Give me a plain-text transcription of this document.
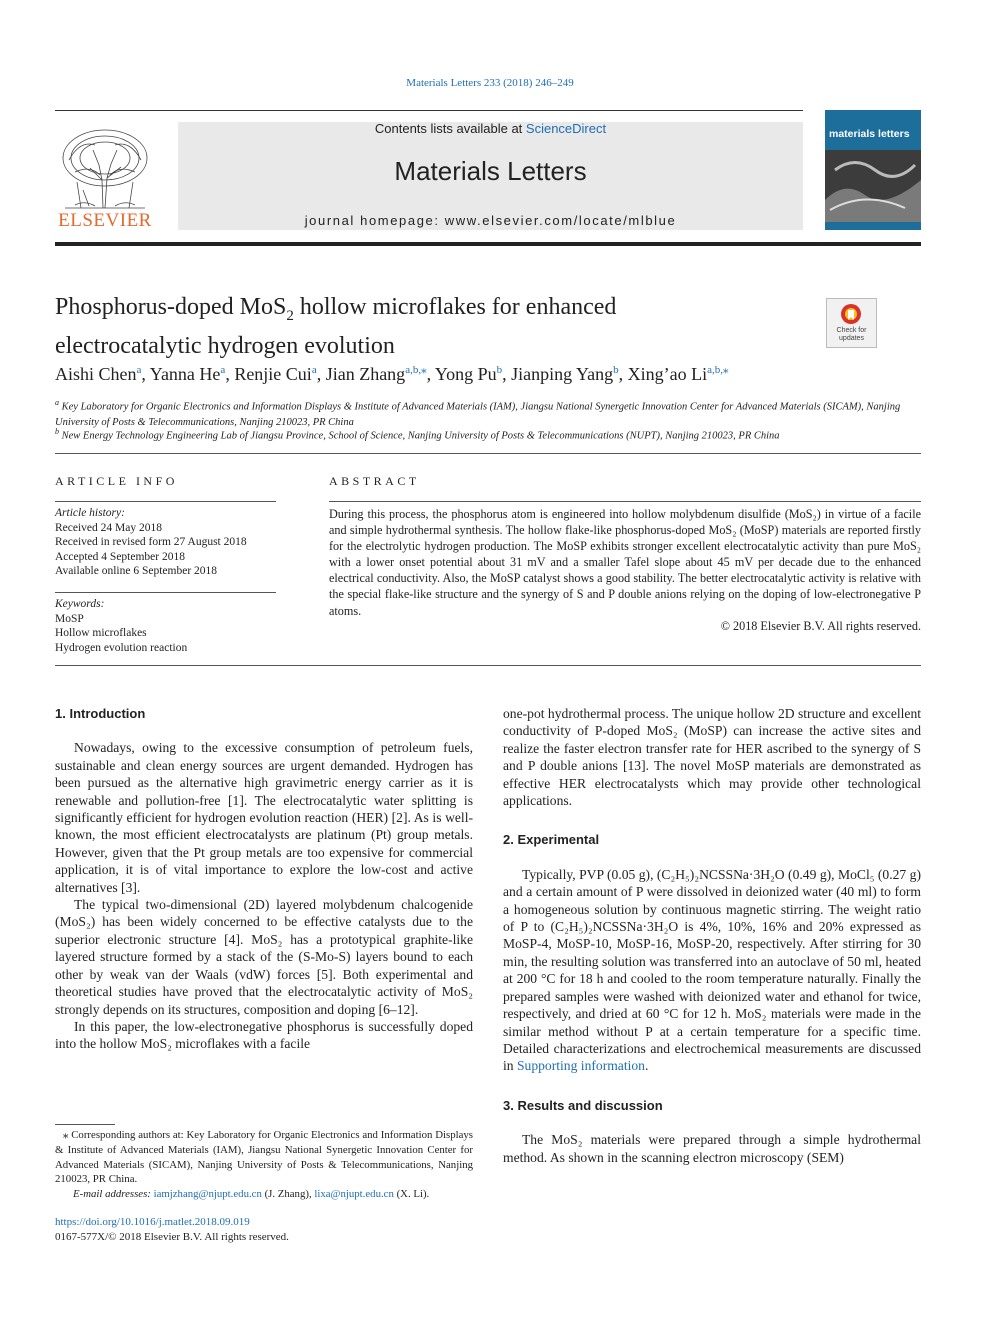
Materials Letters 233 (2018) 246–249
Contents lists available at ScienceDirect
Materials Letters
journal homepage: www.elsevier.com/locate/mlblue
ELSEVIER
materials letters
Phosphorus-doped MoS$_2$ hollow microflakes for enhanced
electrocatalytic hydrogen evolution
Check for updates
Aishi Chen$^a$, Yanna He$^a$, Renjie Cui$^a$, Jian Zhang$^{a,b,⁎}$, Yong Pu$^b$, Jianping Yang$^b$, Xing’ao $Li^{a,b,⁎}$
$^a$ Key Laboratory for Organic Electronics and Information Displays & Institute of Advanced Materials (IAM), Jiangsu National Synergetic Innovation Center for Advanced Materials (SICAM), Nanjing University of Posts & Telecommunications, Nanjing 210023, PR China
$^b$ New Energy Technology Engineering Lab of Jiangsu Province, School of Science, Nanjing University of Posts & Telecommunications (NUPT), Nanjing 210023, PR China
ARTICLE INFO
Article history:
Received 24 May 2018
Received in revised form 27 August 2018
Accepted 4 September 2018
Available online 6 September 2018
Keywords:
MoSP
Hollow microflakes
Hydrogen evolution reaction
ABSTRACT
During this process, the phosphorus atom is engineered into hollow molybdenum disulfide (MoS₂) in virtue of a facile and simple hydrothermal synthesis. The hollow flake-like phosphorus-doped MoS₂ (MoSP) materials are reported firstly for the electrolytic hydrogen production. The MoSP exhibits stronger excellent electrocatalytic activity than pure MoS₂ with a lower onset potential about 31 mV and a smaller Tafel slope about 45 mV per decade due to the enhanced electrical conductivity. Also, the MoSP catalyst shows a good stability. The better electrocatalytic activity is relative with the special flake-like structure and the synergy of S and P double anions relying on the doping of low-electronegative P atoms.
© 2018 Elsevier B.V. All rights reserved.
1. Introduction

Nowadays, owing to the excessive consumption of petroleum fuels, sustainable and clean energy sources are urgent demanded. Hydrogen has been pursued as the alternative high gravimetric energy carrier as it is renewable and pollution-free [1]. The electrocatalytic water splitting is significantly efficient for hydrogen evolution reaction (HER) [2]. As is well-known, the most efficient electrocatalysts are platinum (Pt) group metals. However, given that the Pt group metals are too expensive for commercial application, it is of vital importance to explore the low-cost and active alternatives [3].

The typical two-dimensional (2D) layered molybdenum chalcogenide (MoS₂) has been widely concerned to be effective catalysts due to the superior electronic structure [4]. MoS₂ has a prototypical graphite-like layered structure formed by a stack of the (S-Mo-S) layers bound to each other by weak van der Waals (vdW) forces [5]. Both experimental and theoretical studies have proved that the electrocatalytic activity of MoS₂ strongly depends on its structures, composition and doping [6–12].

In this paper, the low-electronegative phosphorus is successfully doped into the hollow MoS₂ microflakes with a facile

⁎ Corresponding authors at: Key Laboratory for Organic Electronics and Information Displays & Institute of Advanced Materials (IAM), Jiangsu National Synergetic Innovation Center for Advanced Materials (SICAM), Nanjing University of Posts & Telecommunications, Nanjing 210023, PR China.
E-mail addresses: iamjzhang@njupt.edu.cn (J. Zhang), lixa@njupt.edu.cn (X. Li).
https://doi.org/10.1016/j.matlet.2018.09.019
0167-577X/© 2018 Elsevier B.V. All rights reserved.

one-pot hydrothermal process. The unique hollow 2D structure and excellent conductivity of P-doped MoS₂ (MoSP) can increase the active sites and realize the faster electron transfer rate for HER ascribed to the synergy of S and P double anions [13]. The novel MoSP materials are demonstrated as effective HER electrocatalysts which may provide other technological applications.

2. Experimental

Typically, PVP (0.05 g), (C₂H₅)₂NCSSNa·3H₂O (0.49 g), MoCl₅ (0.27 g) and a certain amount of P were dissolved in deionized water (40 ml) to form a homogeneous solution by continuous magnetic stirring. The weight ratio of P to (C₂H₅)₂NCSSNa·3H₂O is 4%, 10%, 16% and 20% expressed as MoSP-4, MoSP-10, MoSP-16, MoSP-20, respectively. After stirring for 30 min, the resulting solution was transferred into an autoclave of 50 ml, heated at 200 °C for 18 h and cooled to the room temperature naturally. Finally the prepared samples were washed with deionized water and ethanol for twice, respectively, and dried at 60 °C for 12 h. MoS₂ materials were made in the similar method without P at a certain temperature for a specific time. Detailed characterizations and electrochemical measurements are discussed in Supporting information.

3. Results and discussion

The MoS₂ materials were prepared through a simple hydrothermal method. As shown in the scanning electron microscopy (SEM)
